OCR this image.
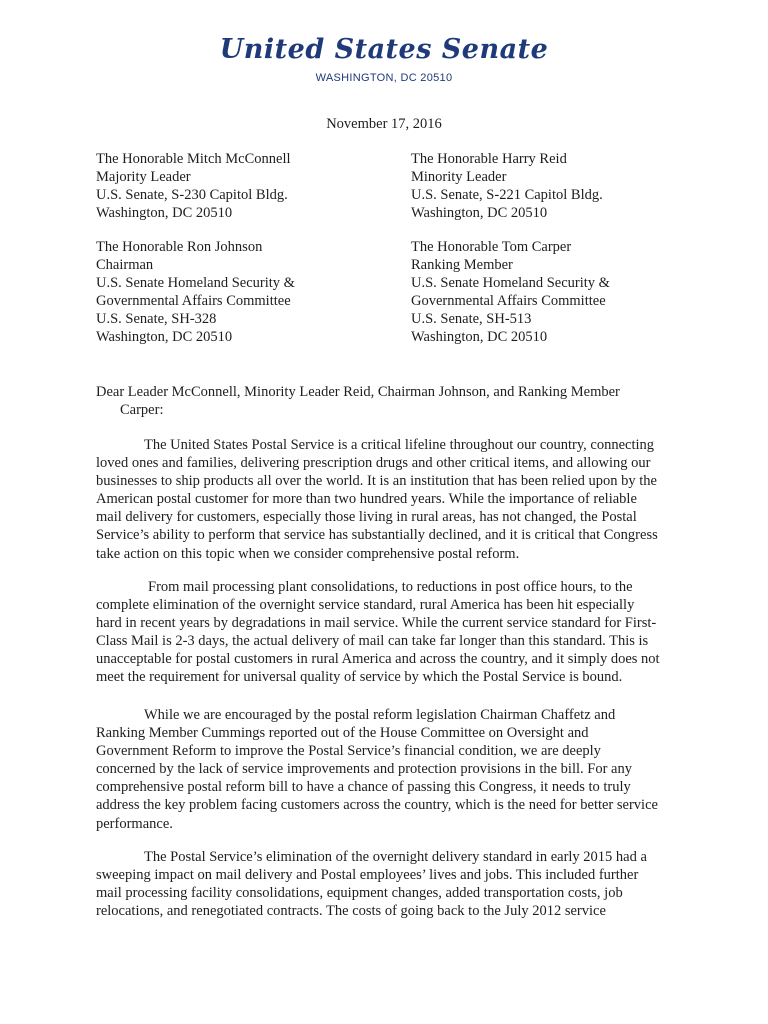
United States Senate
WASHINGTON, DC 20510
November 17, 2016
The Honorable Mitch McConnell
Majority Leader
U.S. Senate, S-230 Capitol Bldg.
Washington, DC 20510
The Honorable Harry Reid
Minority Leader
U.S. Senate, S-221 Capitol Bldg.
Washington, DC 20510
The Honorable Ron Johnson
Chairman
U.S. Senate Homeland Security &
Governmental Affairs Committee
U.S. Senate, SH-328
Washington, DC 20510
The Honorable Tom Carper
Ranking Member
U.S. Senate Homeland Security &
Governmental Affairs Committee
U.S. Senate, SH-513
Washington, DC 20510
Dear Leader McConnell, Minority Leader Reid, Chairman Johnson, and Ranking Member
Carper:
The United States Postal Service is a critical lifeline throughout our country, connecting
loved ones and families, delivering prescription drugs and other critical items, and allowing our
businesses to ship products all over the world. It is an institution that has been relied upon by the
American postal customer for more than two hundred years. While the importance of reliable
mail delivery for customers, especially those living in rural areas, has not changed, the Postal
Service’s ability to perform that service has substantially declined, and it is critical that Congress
take action on this topic when we consider comprehensive postal reform.
From mail processing plant consolidations, to reductions in post office hours, to the
complete elimination of the overnight service standard, rural America has been hit especially
hard in recent years by degradations in mail service. While the current service standard for First-
Class Mail is 2-3 days, the actual delivery of mail can take far longer than this standard. This is
unacceptable for postal customers in rural America and across the country, and it simply does not
meet the requirement for universal quality of service by which the Postal Service is bound.
While we are encouraged by the postal reform legislation Chairman Chaffetz and
Ranking Member Cummings reported out of the House Committee on Oversight and
Government Reform to improve the Postal Service’s financial condition, we are deeply
concerned by the lack of service improvements and protection provisions in the bill. For any
comprehensive postal reform bill to have a chance of passing this Congress, it needs to truly
address the key problem facing customers across the country, which is the need for better service
performance.
The Postal Service’s elimination of the overnight delivery standard in early 2015 had a
sweeping impact on mail delivery and Postal employees’ lives and jobs. This included further
mail processing facility consolidations, equipment changes, added transportation costs, job
relocations, and renegotiated contracts. The costs of going back to the July 2012 service
